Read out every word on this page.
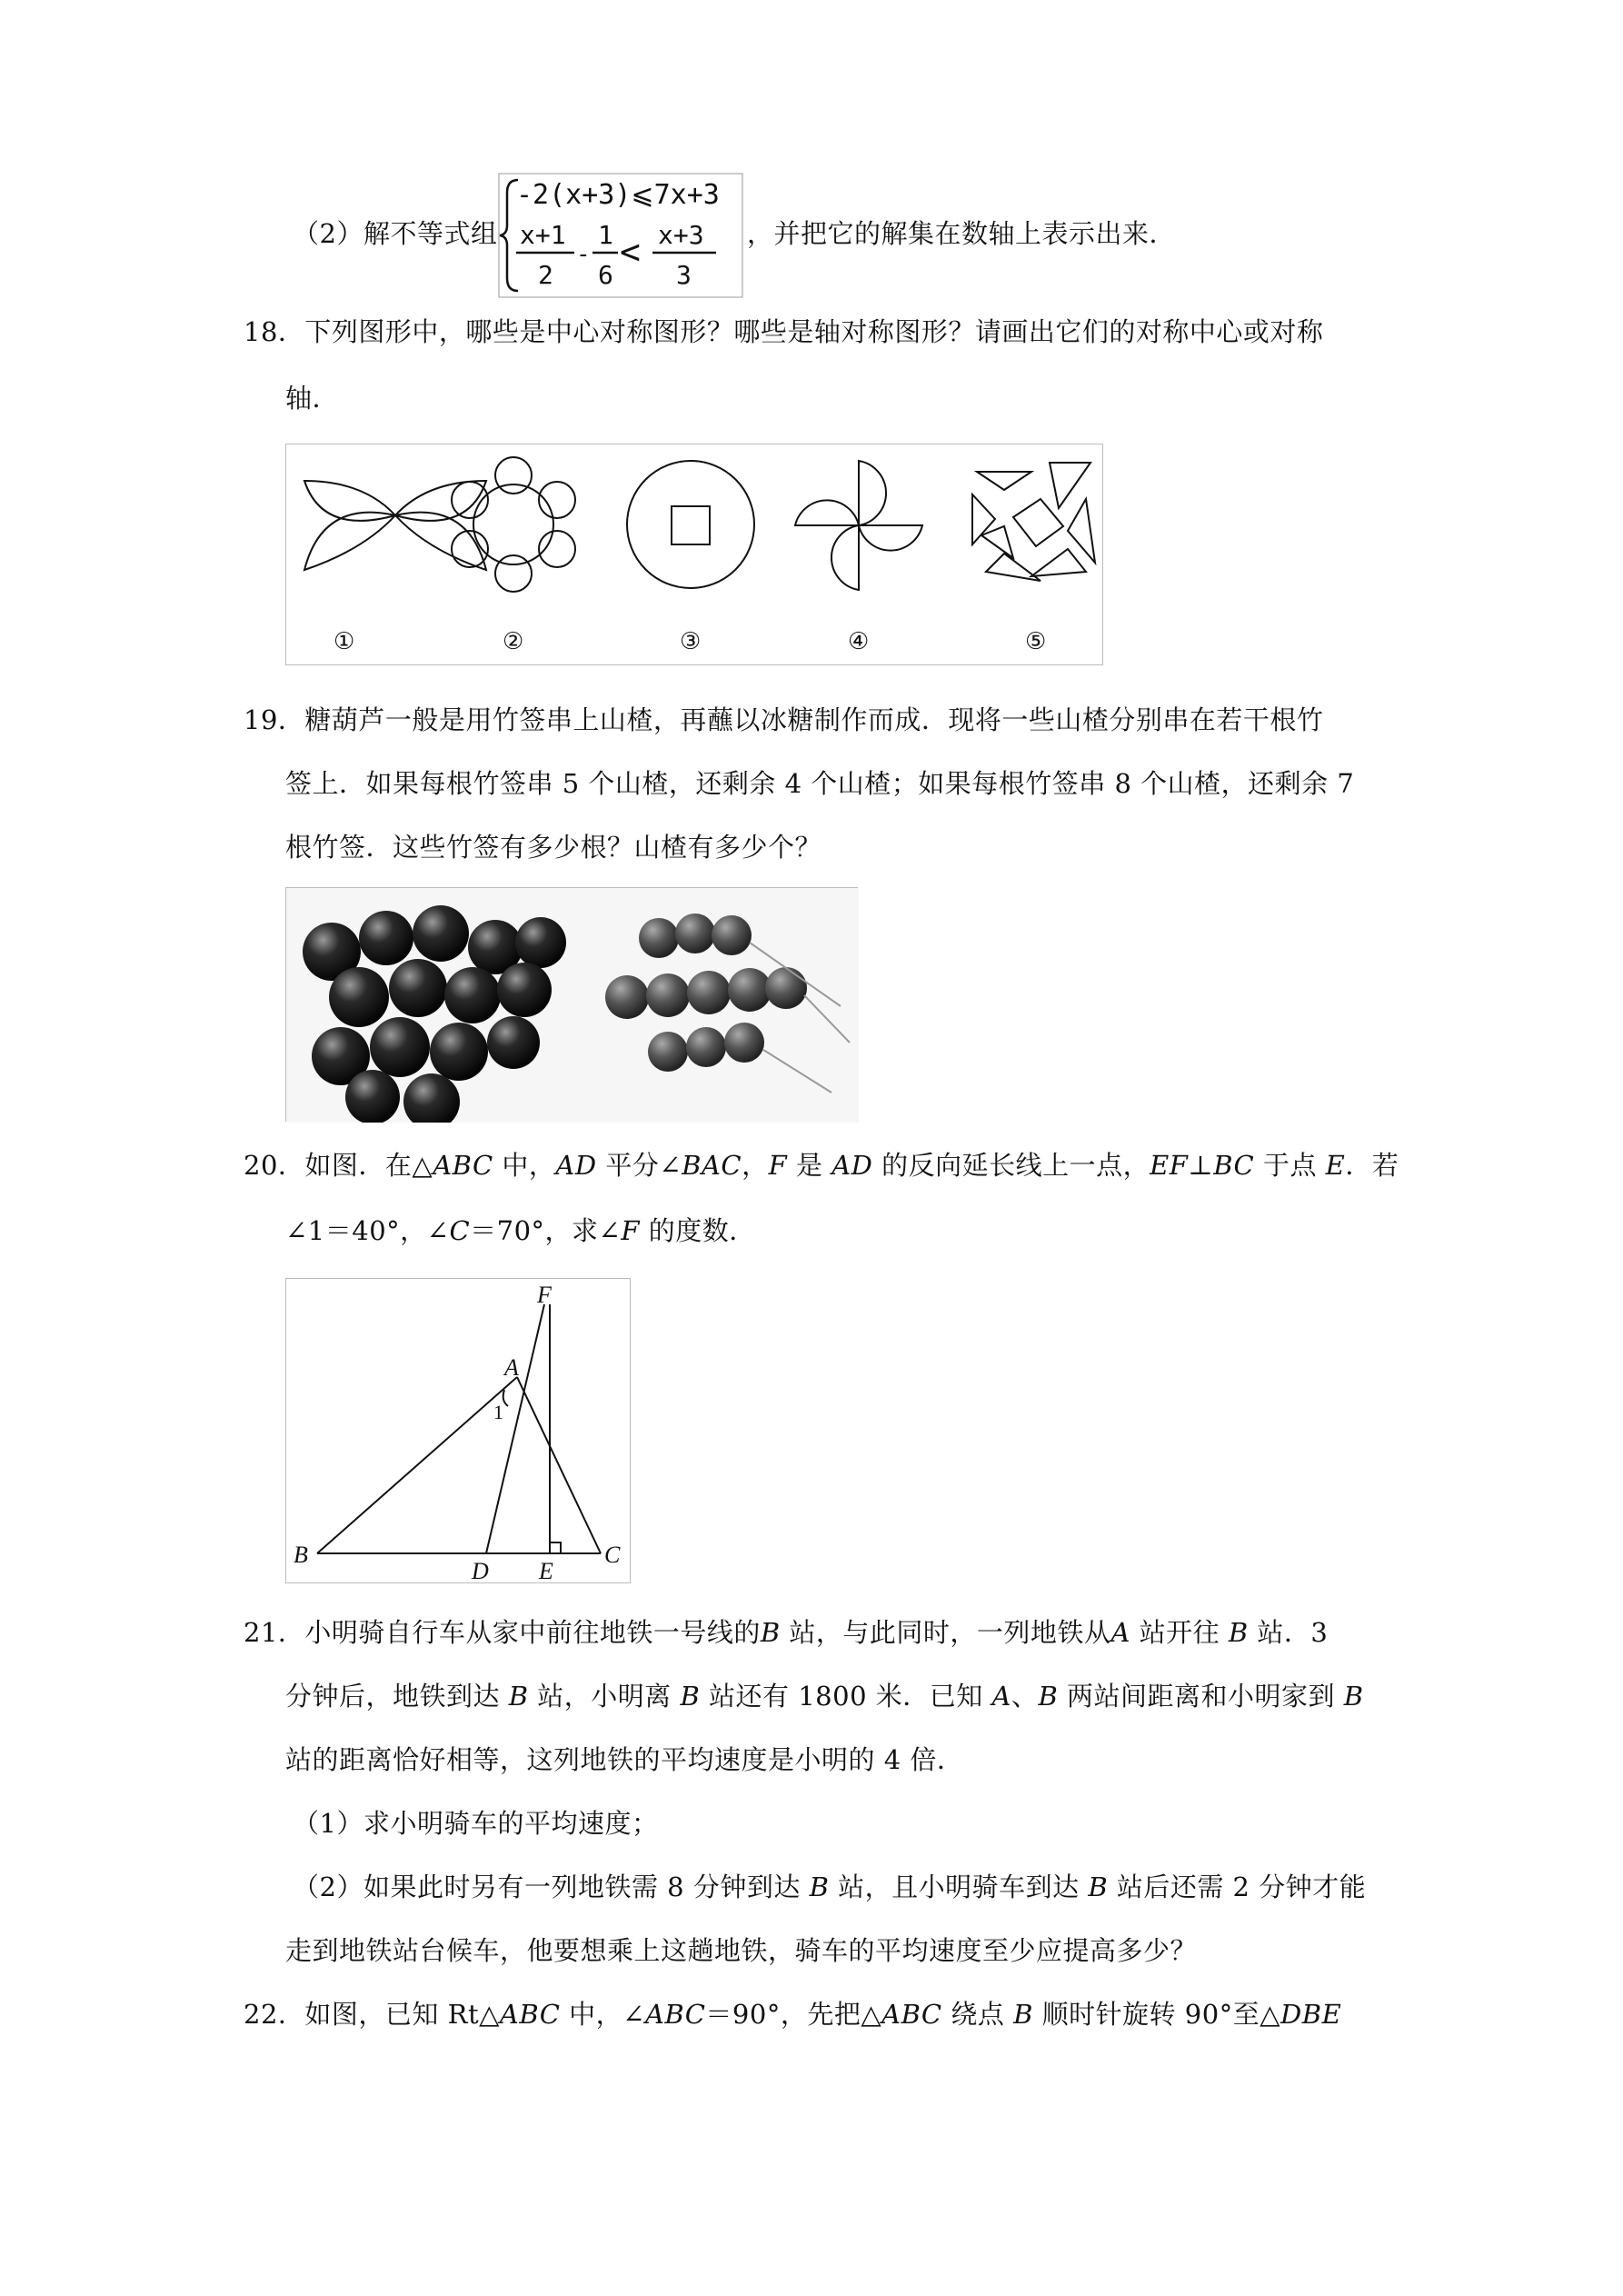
（2）解不等式组
-2(x+3)⩽7x+3
x+1
2
-
1
6
< x+3
3
，并把它的解集在数轴上表示出来．
18．下列图形中，哪些是中心对称图形？哪些是轴对称图形？请画出它们的对称中心或对称
轴．
①	②	③	④	⑤
19．糖葫芦一般是用竹签串上山楂，再蘸以冰糖制作而成．现将一些山楂分别串在若干根竹
签上．如果每根竹签串 5 个山楂，还剩余 4 个山楂；如果每根竹签串 8 个山楂，还剩余 7
根竹签．这些竹签有多少根？山楂有多少个？
20．如图．在△ABC 中，AD 平分∠BAC，F 是 AD 的反向延长线上一点，EF⊥BC 于点 E．若
∠1＝40°，∠C＝70°，求∠F 的度数．
F
A
B
D E
C
1
21．小明骑自行车从家中前往地铁一号线的B 站，与此同时，一列地铁从A 站开往 B 站．3
分钟后，地铁到达 B 站，小明离 B 站还有 1800 米．已知 A、B 两站间距离和小明家到 B
站的距离恰好相等，这列地铁的平均速度是小明的 4 倍．
（1）求小明骑车的平均速度；
（2）如果此时另有一列地铁需 8 分钟到达 B 站，且小明骑车到达 B 站后还需 2 分钟才能
走到地铁站台候车，他要想乘上这趟地铁，骑车的平均速度至少应提高多少？
22．如图，已知 Rt△ABC 中，∠ABC＝90°，先把△ABC 绕点 B 顺时针旋转 90°至△DBE
